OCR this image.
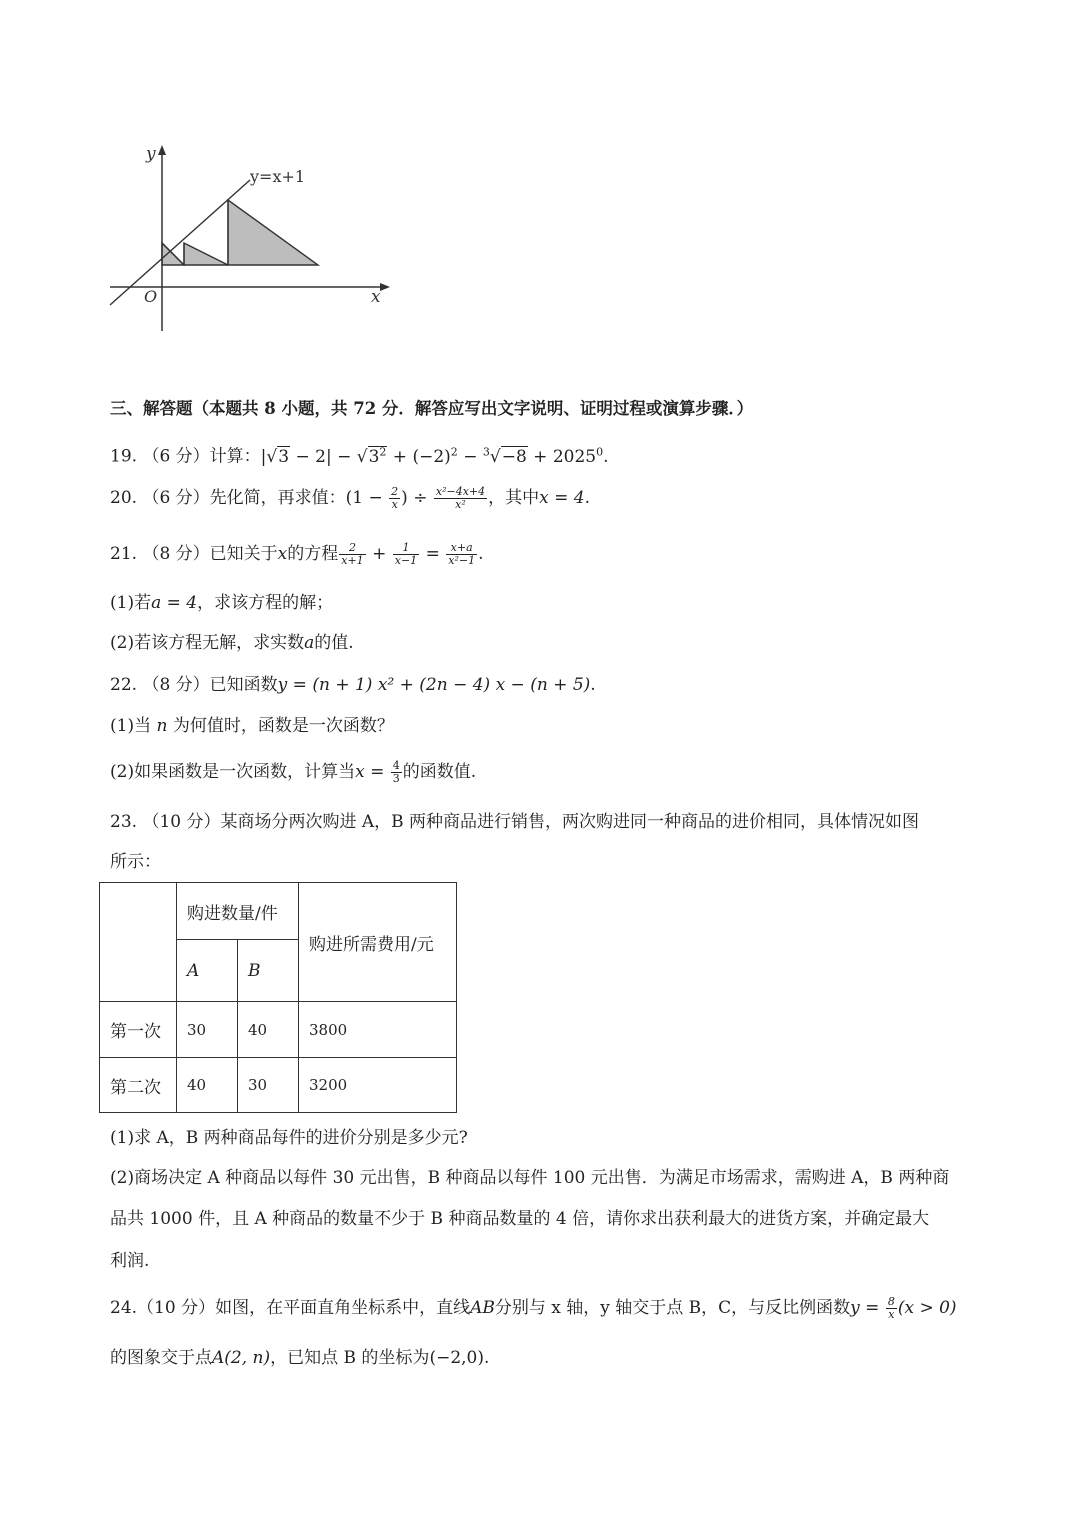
y
x
O
y=x+1
三、解答题（本题共 8 小题，共 72 分．解答应写出文字说明、证明过程或演算步骤．）
19. （6 分）计算：$|√3 - 2| - √3^2 + (-2)^2 - ^3√-8 + 2025^0$.
20. （6 分）先化简，再求值：($1 - \frac{2}{x}$ ) ÷ $\frac{\text{x²−4x+4}}{\text{x²}}$ ，其中x = 4.
21. （8 分）已知关于x的方程 $\frac{2}{x+1} + \frac{1}{x-1} = \frac{x+a}{\text{x²−1}}$ .
(1)若a = 4，求该方程的解；
(2)若该方程无解，求实数a的值.
22. （8 分）已知函数y = (n + 1) x² + (2n − 4) x − (n + 5).
(1)当 n 为何值时，函数是一次函数？
(2)如果函数是一次函数，计算当$x = \frac{4}{3}$ 的函数值.
23. （10 分）某商场分两次购进 A，B 两种商品进行销售，两次购进同一种商品的进价相同，具体情况如图
所示：
	购进数量/件		购进所需费用/元
	A	B	
第一次	30	40	3800
第二次	40	30	3200
(1)求 A，B 两种商品每件的进价分别是多少元?
(2)商场决定 A 种商品以每件 30 元出售，B 种商品以每件 100 元出售．为满足市场需求，需购进 A，B 两种商
品共 1000 件，且 A 种商品的数量不少于 B 种商品数量的 4 倍，请你求出获利最大的进货方案，并确定最大
利润.
24.（10 分）如图，在平面直角坐标系中，直线AB分别与 x 轴，y 轴交于点 B，C，与反比例函数$y = \frac{8}{x} (x > 0)$
的图象交于点A(2, n)，已知点 B 的坐标为(−2,0).
